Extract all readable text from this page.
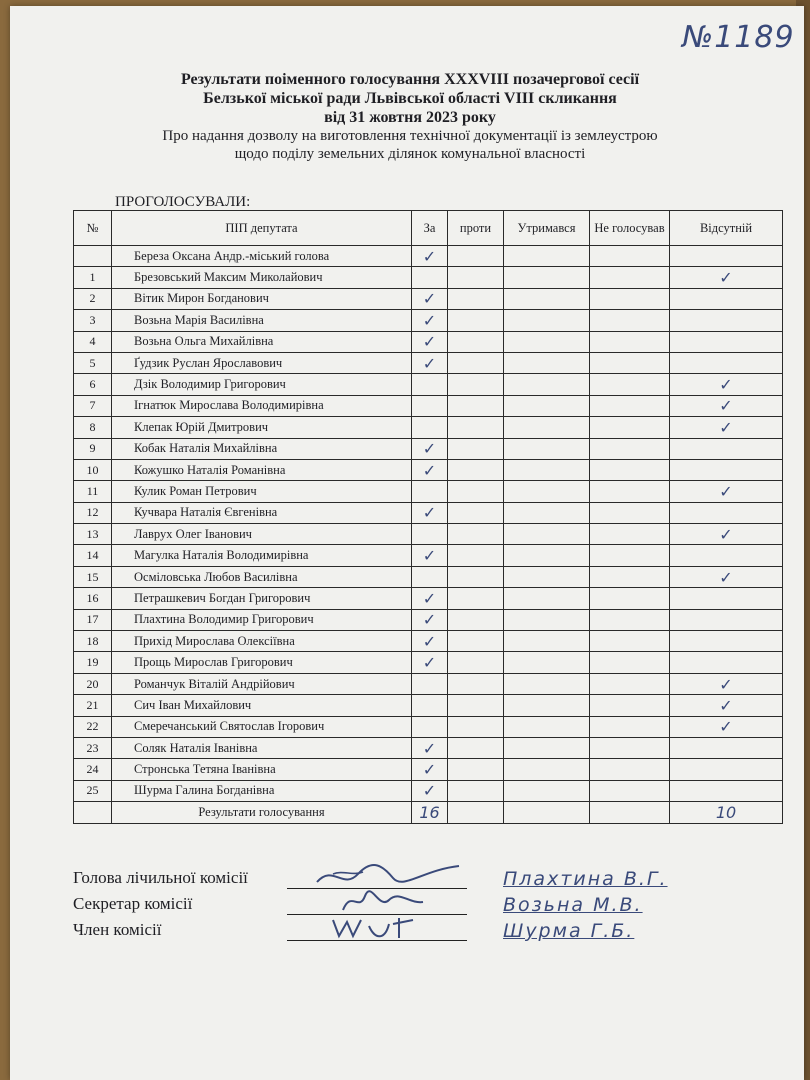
№1189
Результати поіменного голосування XXXVIII позачергової сесії
Белзької міської ради Львівської області VIII скликання
від 31 жовтня 2023 року
Про надання дозволу на виготовлення технічної документації із землеустрою
щодо поділу земельних ділянок комунальної власності
ПРОГОЛОСУВАЛИ:
№	ПІП депутата	За	проти	Утримався	Не голосував	Відсутній
	Береза Оксана Андр.-міський голова	✓				
1	Брезовський Максим Миколайович					✓
2	Вітик Мирон Богданович	✓				
3	Возьна Марія Василівна	✓				
4	Возьна Ольга Михайлівна	✓				
5	Ґудзик Руслан Ярославович	✓				
6	Дзік Володимир Григорович					✓
7	Ігнатюк Мирослава Володимирівна					✓
8	Клепак Юрій Дмитрович					✓
9	Кобак Наталія Михайлівна	✓				
10	Кожушко Наталія Романівна	✓				
11	Кулик Роман Петрович					✓
12	Кучвара Наталія Євгенівна	✓				
13	Лаврух Олег Іванович					✓
14	Магулка Наталія Володимирівна	✓				
15	Осміловська Любов Василівна					✓
16	Петрашкевич Богдан Григорович	✓				
17	Плахтина Володимир Григорович	✓				
18	Прихід Мирослава Олексіївна	✓				
19	Прощь Мирослав Григорович	✓				
20	Романчук Віталій Андрійович					✓
21	Сич Іван Михайлович					✓
22	Смеречанський Святослав Ігорович					✓
23	Соляк Наталія Іванівна	✓				
24	Стронська Тетяна Іванівна	✓				
25	Шурма Галина Богданівна	✓				
	Результати голосування	16				10
Голова лічильної комісії	Плахтина В.Г.
Секретар комісії	Возьна М.В.
Член комісії	Шурма Г.Б.
